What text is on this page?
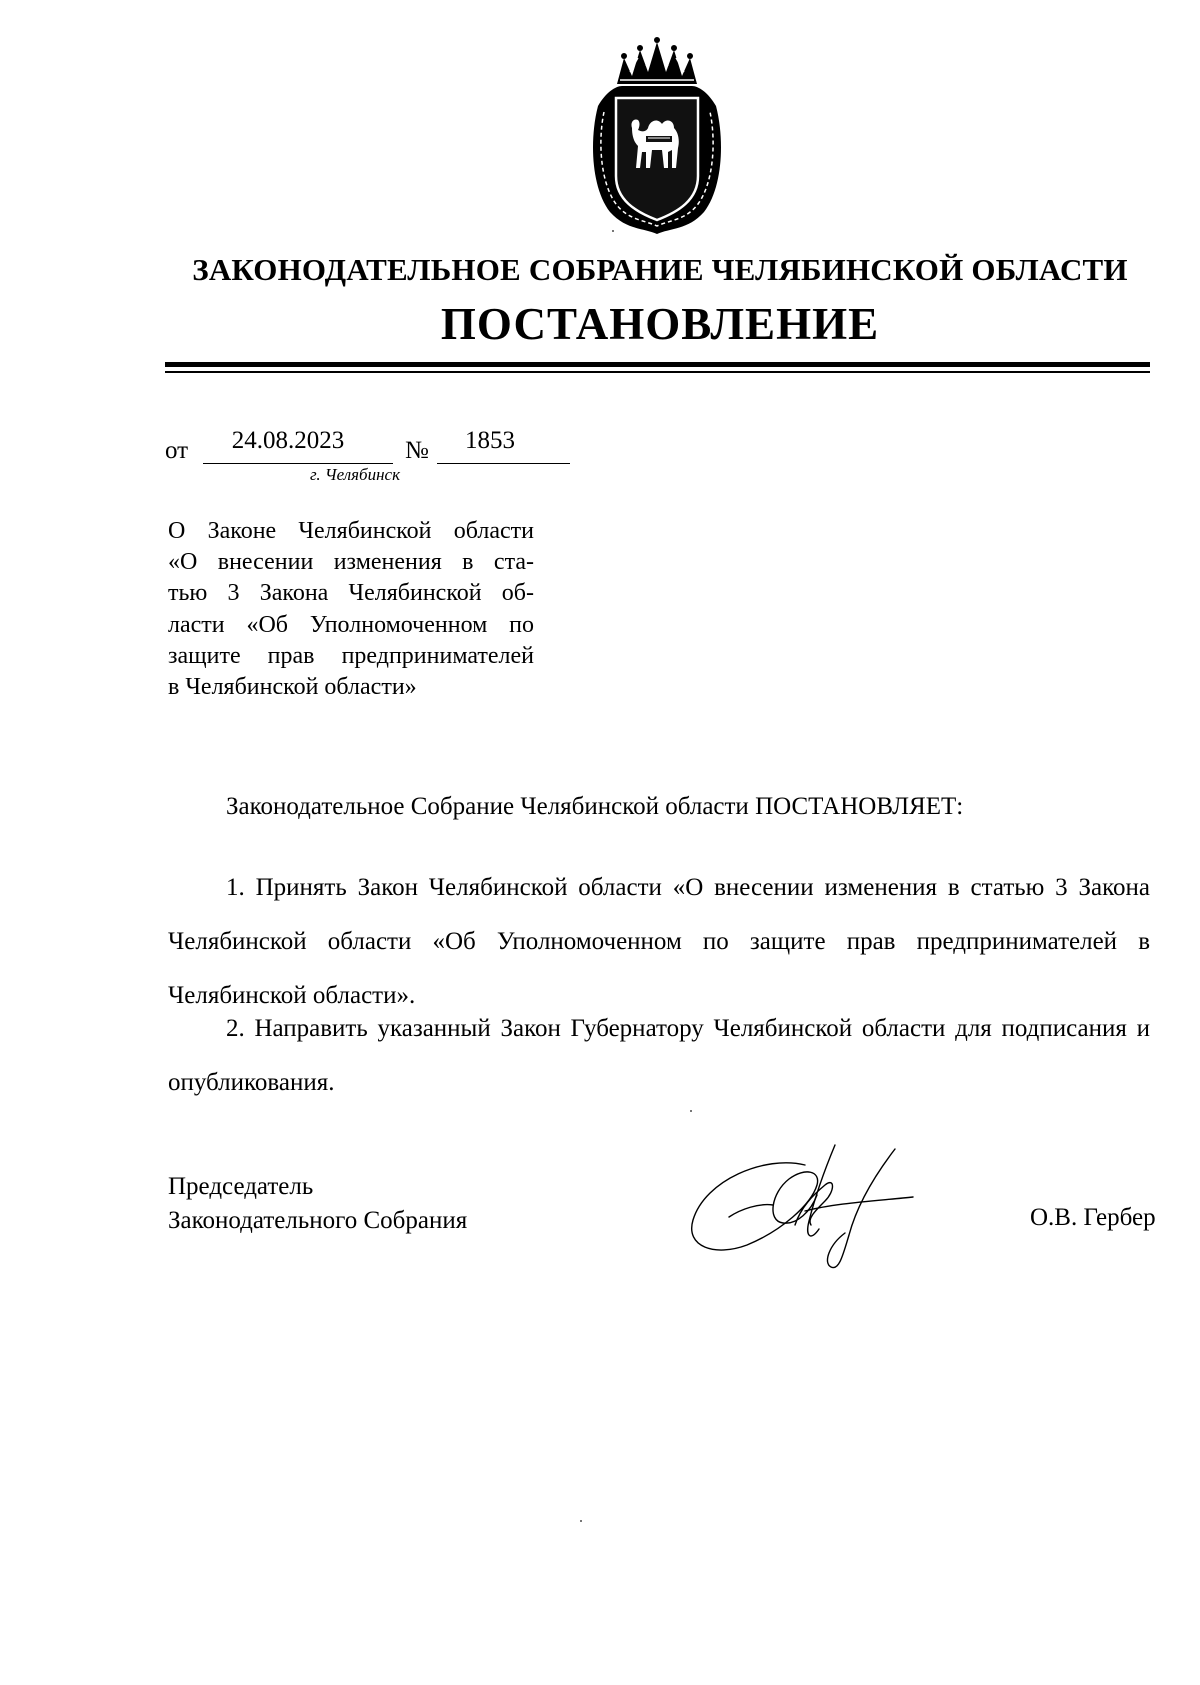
ЗАКОНОДАТЕЛЬНОЕ СОБРАНИЕ ЧЕЛЯБИНСКОЙ ОБЛАСТИ
ПОСТАНОВЛЕНИЕ
от	24.08.2023	№	1853
г. Челябинск
О Законе Челябинской области
«О внесении изменения в ста-
тью 3 Закона Челябинской об-
ласти «Об Уполномоченном по
защите прав предпринимателей
в Челябинской области»
Законодательное Собрание Челябинской области ПОСТАНОВЛЯЕТ:
1. Принять Закон Челябинской области «О внесении изменения в статью 3 Закона Челябинской области «Об Уполномоченном по защите прав предпринимателей в Челябинской области».
2. Направить указанный Закон Губернатору Челябинской области для подписания и опубликования.
Председатель
Законодательного Собрания	О.В. Гербер
